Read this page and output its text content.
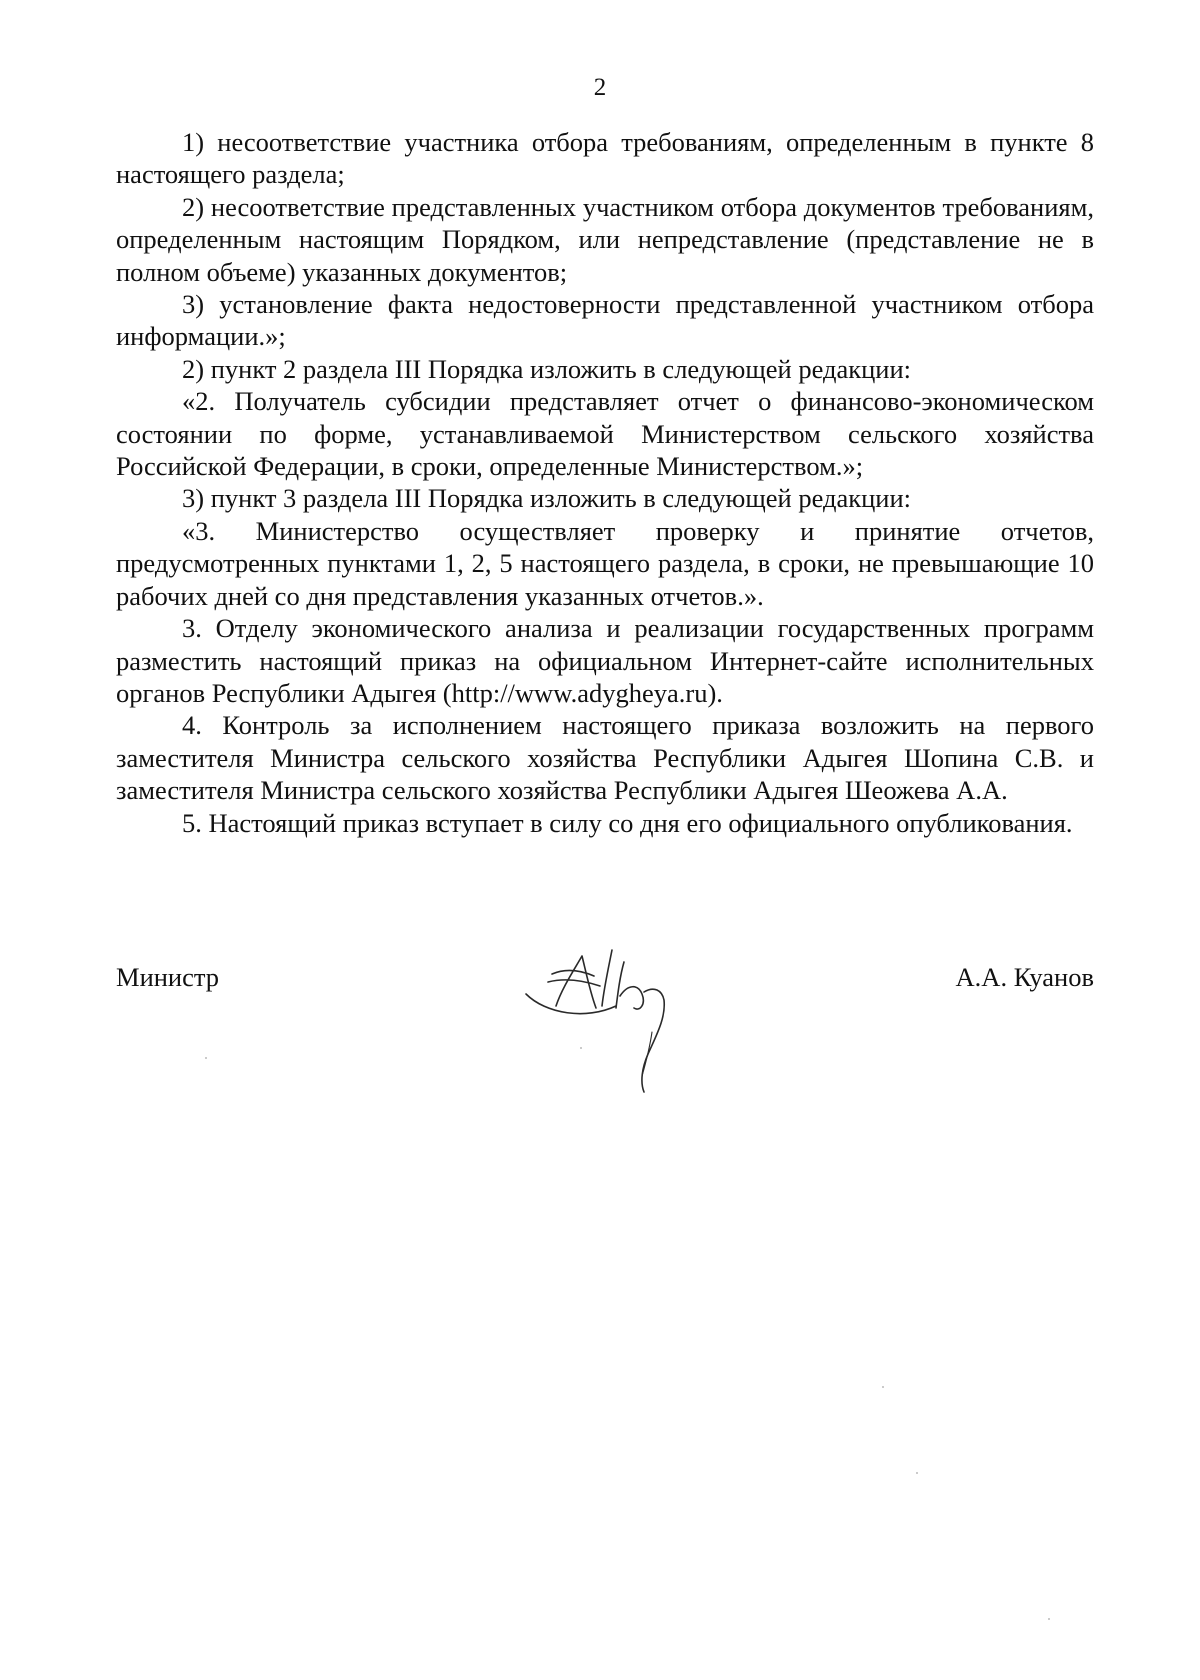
2

1) несоответствие участника отбора требованиям, определенным в пункте 8 настоящего раздела;

2) несоответствие представленных участником отбора документов требованиям, определенным настоящим Порядком, или непредставление (представление не в полном объеме) указанных документов;

3) установление факта недостоверности представленной участником отбора информации.»;

2) пункт 2 раздела III Порядка изложить в следующей редакции:

«2. Получатель субсидии представляет отчет о финансово-экономическом состоянии по форме, устанавливаемой Министерством сельского хозяйства Российской Федерации, в сроки, определенные Министерством.»;

3) пункт 3 раздела III Порядка изложить в следующей редакции:

«3. Министерство осуществляет проверку и принятие отчетов, предусмотренных пунктами 1, 2, 5 настоящего раздела, в сроки, не превышающие 10 рабочих дней со дня представления указанных отчетов.».

3. Отделу экономического анализа и реализации государственных программ разместить настоящий приказ на официальном Интернет-сайте исполнительных органов Республики Адыгея (http://www.adygheya.ru).

4. Контроль за исполнением настоящего приказа возложить на первого заместителя Министра сельского хозяйства Республики Адыгея Шопина С.В. и заместителя Министра сельского хозяйства Республики Адыгея Шеожева А.А.

5. Настоящий приказ вступает в силу со дня его официального опубликования.

Министр	А.А. Куанов
